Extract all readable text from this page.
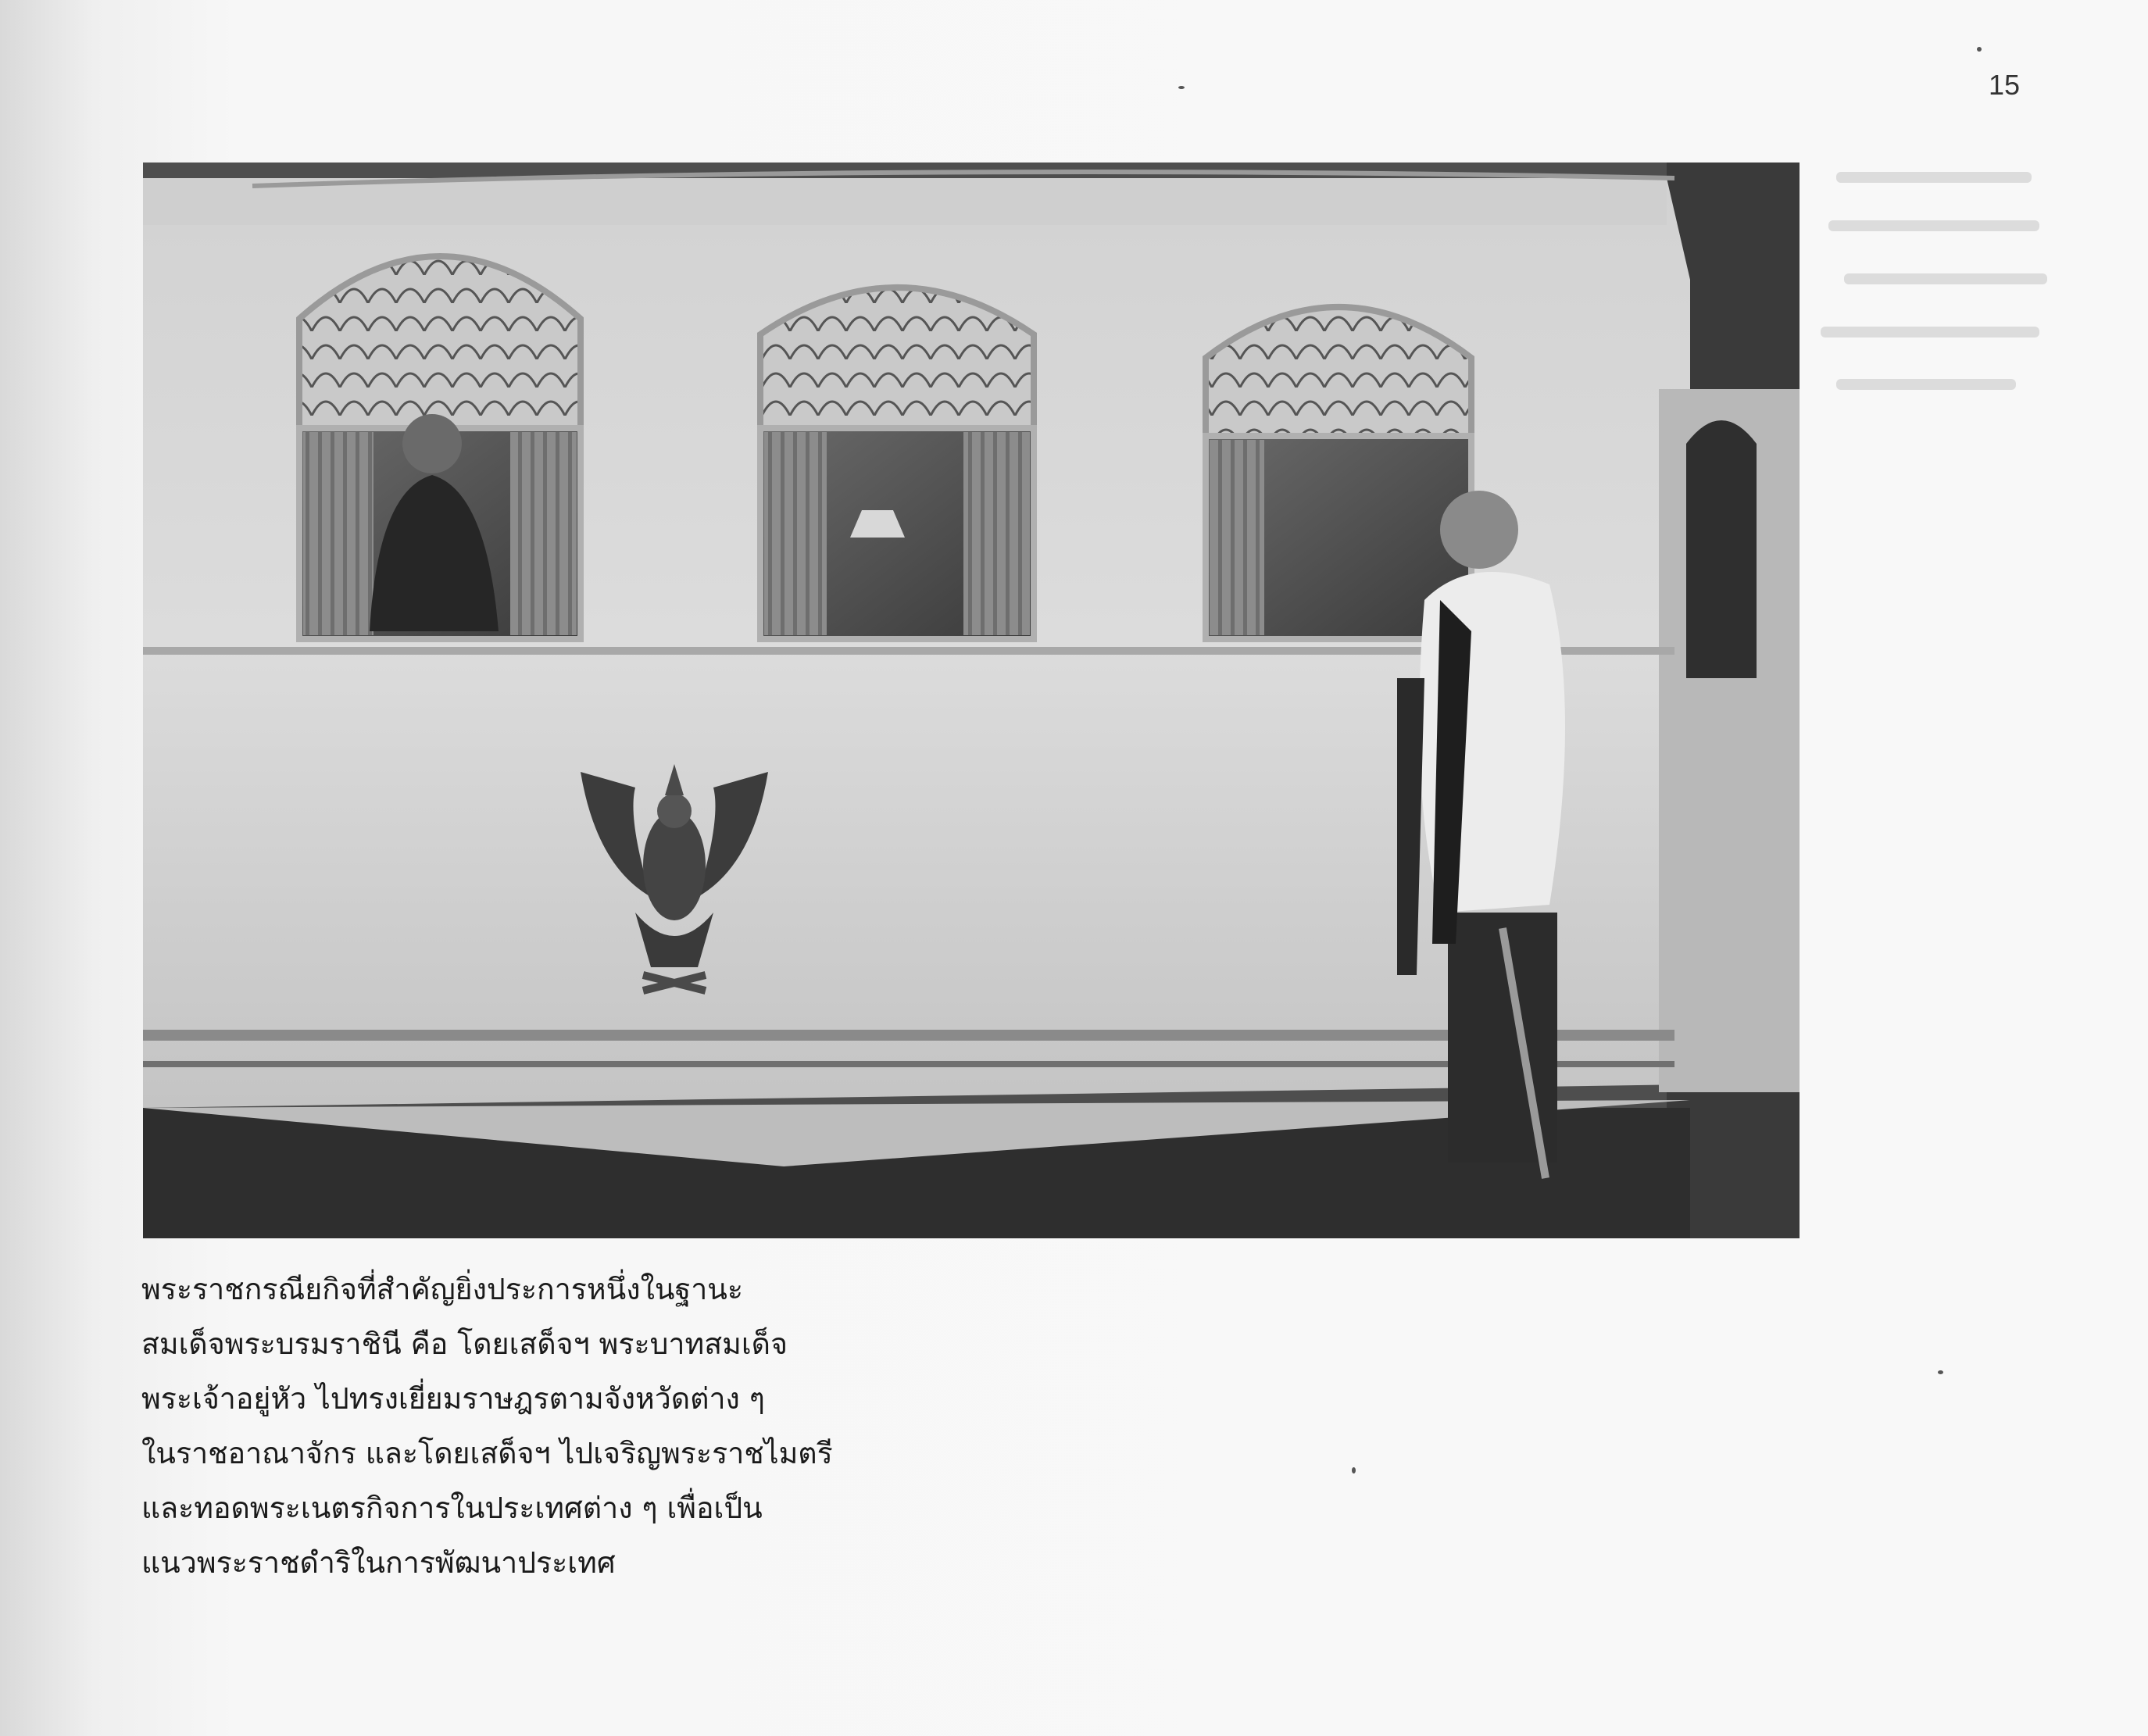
15
พระราชกรณียกิจที่สำคัญยิ่งประการหนึ่งในฐานะ
สมเด็จพระบรมราชินี คือ โดยเสด็จฯ พระบาทสมเด็จ
พระเจ้าอยู่หัว ไปทรงเยี่ยมราษฎรตามจังหวัดต่าง ๆ
ในราชอาณาจักร และโดยเสด็จฯ ไปเจริญพระราชไมตรี
และทอดพระเนตรกิจการในประเทศต่าง ๆ เพื่อเป็น
แนวพระราชดำริในการพัฒนาประเทศ
